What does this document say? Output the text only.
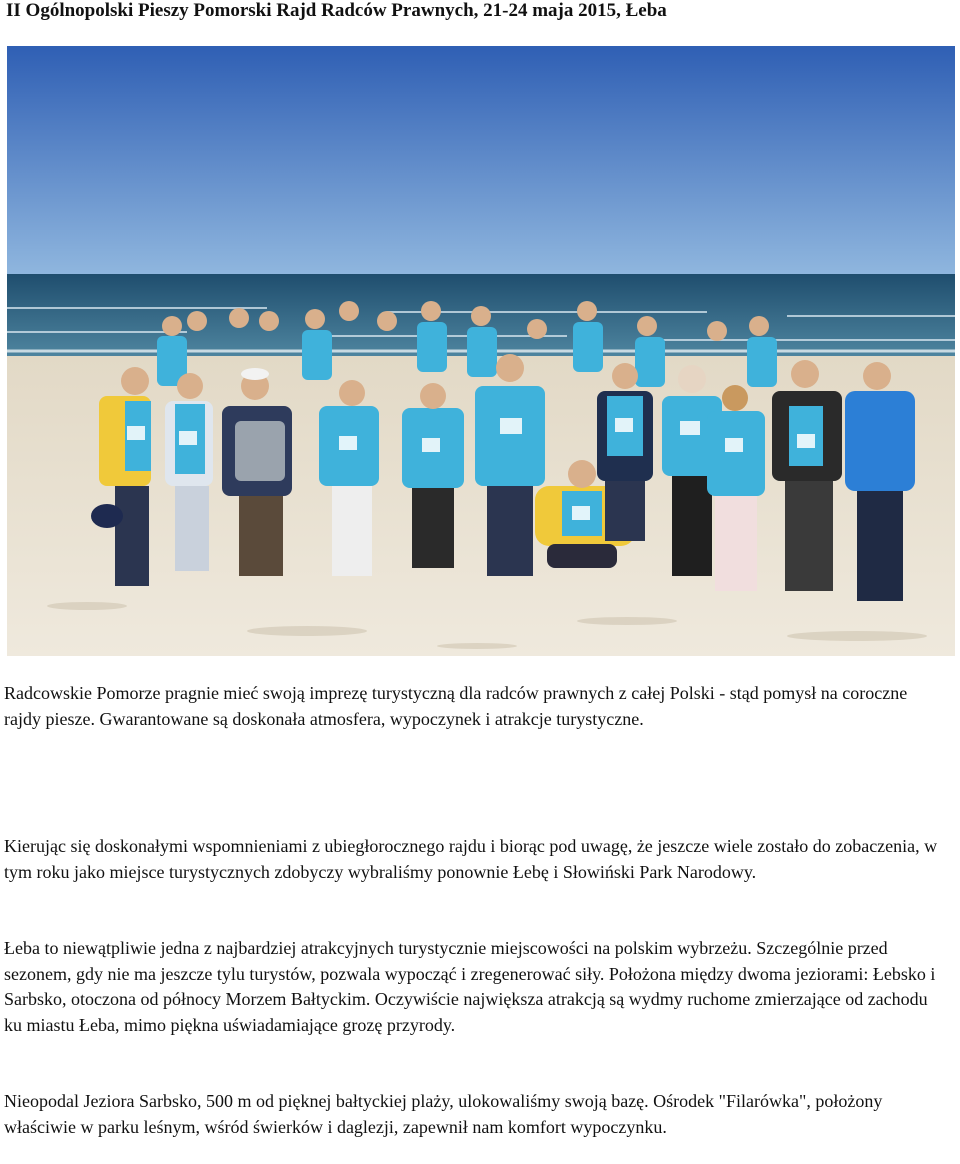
II Ogólnopolski Pieszy Pomorski Rajd Radców Prawnych, 21-24 maja 2015, Łeba

Radcowskie Pomorze pragnie mieć swoją imprezę turystyczną dla radców prawnych z całej Polski - stąd pomysł na coroczne rajdy piesze. Gwarantowane są doskonała atmosfera, wypoczynek i atrakcje turystyczne.

Kierując się doskonałymi wspomnieniami z ubiegłorocznego rajdu i biorąc pod uwagę, że jeszcze wiele zostało do zobaczenia, w tym roku jako miejsce turystycznych zdobyczy wybraliśmy ponownie Łebę i Słowiński Park Narodowy.

Łeba to niewątpliwie jedna z najbardziej atrakcyjnych turystycznie miejscowości na polskim wybrzeżu. Szczególnie przed sezonem, gdy nie ma jeszcze tylu turystów, pozwala wypocząć i zregenerować siły. Położona między dwoma jeziorami: Łebsko i Sarbsko, otoczona od północy Morzem Bałtyckim. Oczywiście największa atrakcją są wydmy ruchome zmierzające od zachodu ku miastu Łeba, mimo piękna uświadamiające grozę przyrody.

Nieopodal Jeziora Sarbsko, 500 m od pięknej bałtyckiej plaży, ulokowaliśmy swoją bazę. Ośrodek "Filarówka", położony właściwie w parku leśnym, wśród świerków i daglezji, zapewnił nam komfort wypoczynku.
